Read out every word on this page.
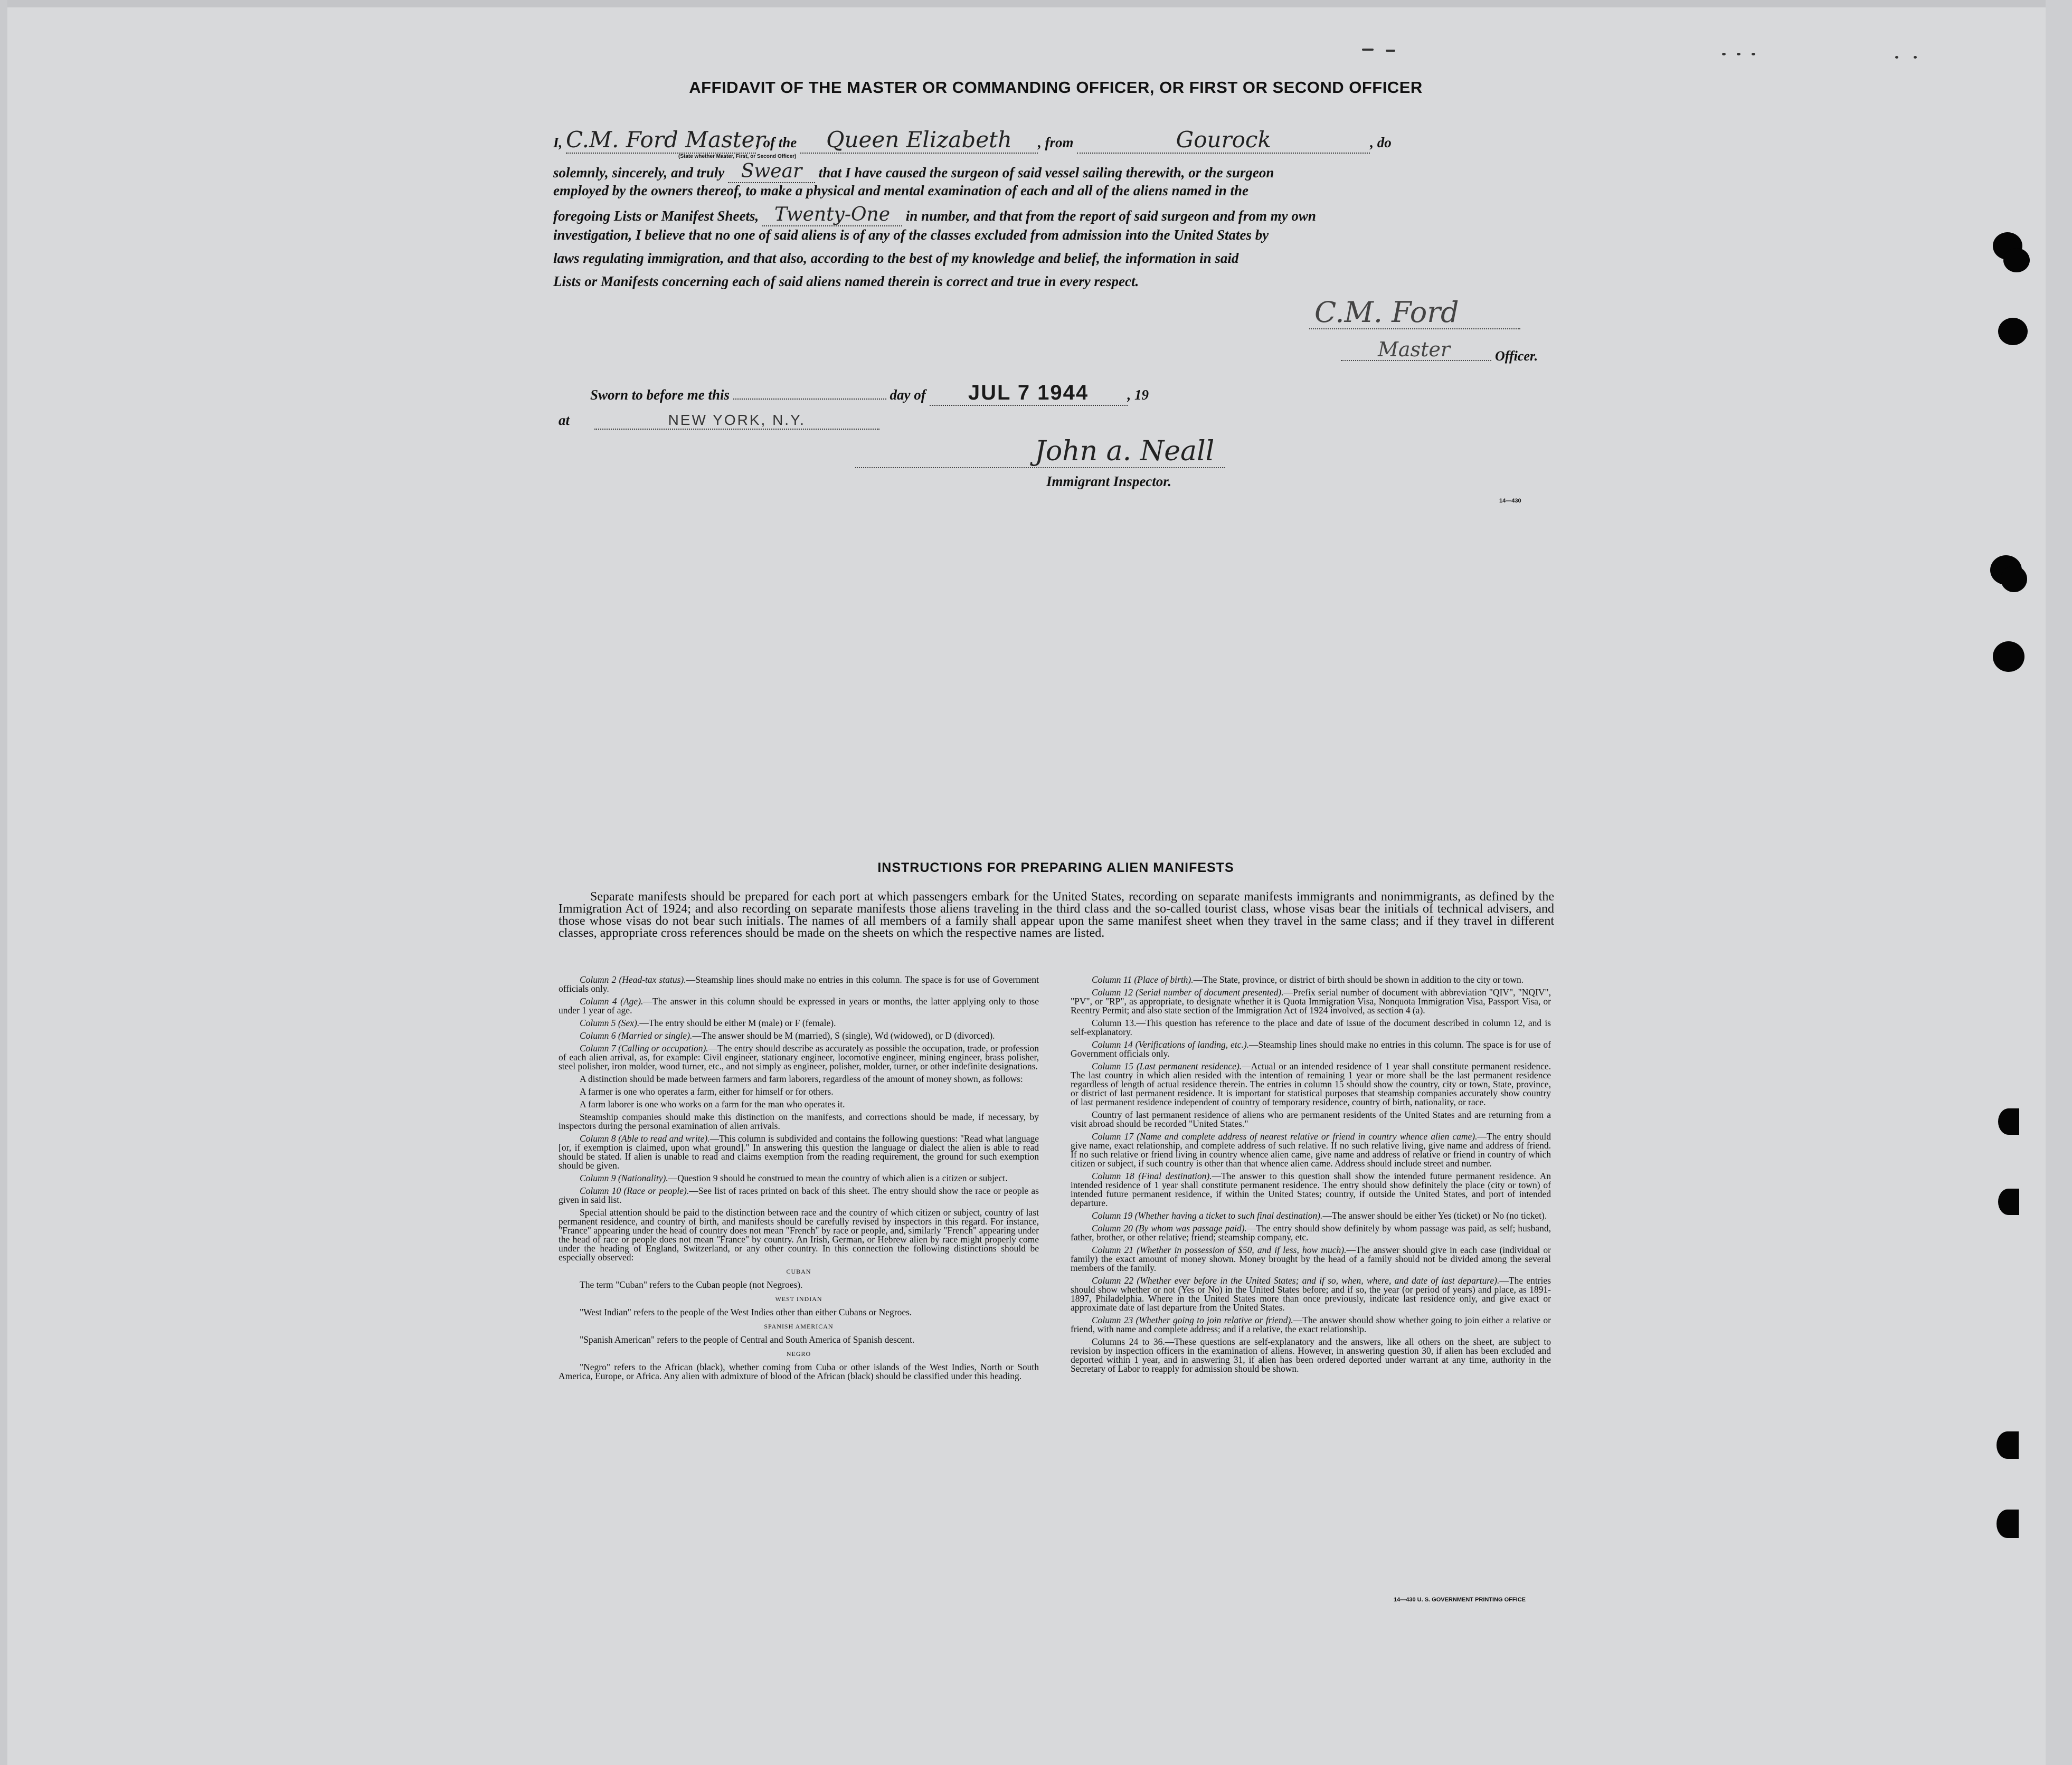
AFFIDAVIT OF THE MASTER OR COMMANDING OFFICER, OR FIRST OR SECOND OFFICER
I, C.M. Ford Master, of the Queen Elizabeth , from	Gourock	, do
(State whether Master, First, or Second Officer)
solemnly, sincerely, and truly Swear that I have caused the surgeon of said vessel sailing therewith, or the surgeon
employed by the owners thereof, to make a physical and mental examination of each and all of the aliens named in the
foregoing Lists or Manifest Sheets, Twenty-One in number, and that from the report of said surgeon and from my own
investigation, I believe that no one of said aliens is of any of the classes excluded from admission into the United States by
laws regulating immigration, and that also, according to the best of my knowledge and belief, the information in said
Lists or Manifests concerning each of said aliens named therein is correct and true in every respect.
C.M. Ford
Master	Officer.
Sworn to before me this	day of JUL 7 1944	, 19
at	NEW YORK, N.Y.
John a. Neall
Immigrant Inspector.
14—430
INSTRUCTIONS FOR PREPARING ALIEN MANIFESTS
Separate manifests should be prepared for each port at which passengers embark for the United States, recording on separate manifests immigrants and nonimmigrants, as defined by the Immigration Act of 1924; and also recording on separate manifests those aliens traveling in the third class and the so-called tourist class, whose visas bear the initials of technical advisers, and those whose visas do not bear such initials. The names of all members of a family shall appear upon the same manifest sheet when they travel in the same class; and if they travel in different classes, appropriate cross references should be made on the sheets on which the respective names are listed.

Column 2 (Head-tax status).—Steamship lines should make no entries in this column. The space is for use of Government officials only.

Column 4 (Age).—The answer in this column should be expressed in years or months, the latter applying only to those under 1 year of age.

Column 5 (Sex).—The entry should be either M (male) or F (female).

Column 6 (Married or single).—The answer should be M (married), S (single), Wd (widowed), or D (divorced).

Column 7 (Calling or occupation).—The entry should describe as accurately as possible the occupation, trade, or profession of each alien arrival, as, for example: Civil engineer, stationary engineer, locomotive engineer, mining engineer, brass polisher, steel polisher, iron molder, wood turner, etc., and not simply as engineer, polisher, molder, turner, or other indefinite designations.

A distinction should be made between farmers and farm laborers, regardless of the amount of money shown, as follows:

A farmer is one who operates a farm, either for himself or for others.

A farm laborer is one who works on a farm for the man who operates it.

Steamship companies should make this distinction on the manifests, and corrections should be made, if necessary, by inspectors during the personal examination of alien arrivals.

Column 8 (Able to read and write).—This column is subdivided and contains the following questions: "Read what language [or, if exemption is claimed, upon what ground]." In answering this question the language or dialect the alien is able to read should be stated. If alien is unable to read and claims exemption from the reading requirement, the ground for such exemption should be given.

Column 9 (Nationality).—Question 9 should be construed to mean the country of which alien is a citizen or subject.

Column 10 (Race or people).—See list of races printed on back of this sheet. The entry should show the race or people as given in said list.

Special attention should be paid to the distinction between race and the country of which citizen or subject, country of last permanent residence, and country of birth, and manifests should be carefully revised by inspectors in this regard. For instance, "France" appearing under the head of country does not mean "French" by race or people, and, similarly "French" appearing under the head of race or people does not mean "France" by country. An Irish, German, or Hebrew alien by race might properly come under the heading of England, Switzerland, or any other country. In this connection the following distinctions should be especially observed:

CUBAN

The term "Cuban" refers to the Cuban people (not Negroes).

WEST INDIAN

"West Indian" refers to the people of the West Indies other than either Cubans or Negroes.

SPANISH AMERICAN

"Spanish American" refers to the people of Central and South America of Spanish descent.

NEGRO

"Negro" refers to the African (black), whether coming from Cuba or other islands of the West Indies, North or South America, Europe, or Africa. Any alien with admixture of blood of the African (black) should be classified under this heading.

Column 11 (Place of birth).—The State, province, or district of birth should be shown in addition to the city or town.

Column 12 (Serial number of document presented).—Prefix serial number of document with abbreviation "QIV", "NQIV", "PV", or "RP", as appropriate, to designate whether it is Quota Immigration Visa, Nonquota Immigration Visa, Passport Visa, or Reentry Permit; and also state section of the Immigration Act of 1924 involved, as section 4 (a).

Column 13.—This question has reference to the place and date of issue of the document described in column 12, and is self-explanatory.

Column 14 (Verifications of landing, etc.).—Steamship lines should make no entries in this column. The space is for use of Government officials only.

Column 15 (Last permanent residence).—Actual or an intended residence of 1 year shall constitute permanent residence. The last country in which alien resided with the intention of remaining 1 year or more shall be the last permanent residence regardless of length of actual residence therein. The entries in column 15 should show the country, city or town, State, province, or district of last permanent residence. It is important for statistical purposes that steamship companies accurately show country of last permanent residence independent of country of temporary residence, country of birth, nationality, or race.

Country of last permanent residence of aliens who are permanent residents of the United States and are returning from a visit abroad should be recorded "United States."

Column 17 (Name and complete address of nearest relative or friend in country whence alien came).—The entry should give name, exact relationship, and complete address of such relative. If no such relative living, give name and address of friend. If no such relative or friend living in country whence alien came, give name and address of relative or friend in country of which citizen or subject, if such country is other than that whence alien came. Address should include street and number.

Column 18 (Final destination).—The answer to this question shall show the intended future permanent residence. An intended residence of 1 year shall constitute permanent residence. The entry should show definitely the place (city or town) of intended future permanent residence, if within the United States; country, if outside the United States, and port of intended departure.

Column 19 (Whether having a ticket to such final destination).—The answer should be either Yes (ticket) or No (no ticket).

Column 20 (By whom was passage paid).—The entry should show definitely by whom passage was paid, as self; husband, father, brother, or other relative; friend; steamship company, etc.

Column 21 (Whether in possession of $50, and if less, how much).—The answer should give in each case (individual or family) the exact amount of money shown. Money brought by the head of a family should not be divided among the several members of the family.

Column 22 (Whether ever before in the United States; and if so, when, where, and date of last departure).—The entries should show whether or not (Yes or No) in the United States before; and if so, the year (or period of years) and place, as 1891-1897, Philadelphia. Where in the United States more than once previously, indicate last residence only, and give exact or approximate date of last departure from the United States.

Column 23 (Whether going to join relative or friend).—The answer should show whether going to join either a relative or friend, with name and complete address; and if a relative, the exact relationship.

Columns 24 to 36.—These questions are self-explanatory and the answers, like all others on the sheet, are subject to revision by inspection officers in the examination of aliens. However, in answering question 30, if alien has been excluded and deported within 1 year, and in answering 31, if alien has been ordered deported under warrant at any time, authority in the Secretary of Labor to reapply for admission should be shown.

14—430 U. S. GOVERNMENT PRINTING OFFICE
